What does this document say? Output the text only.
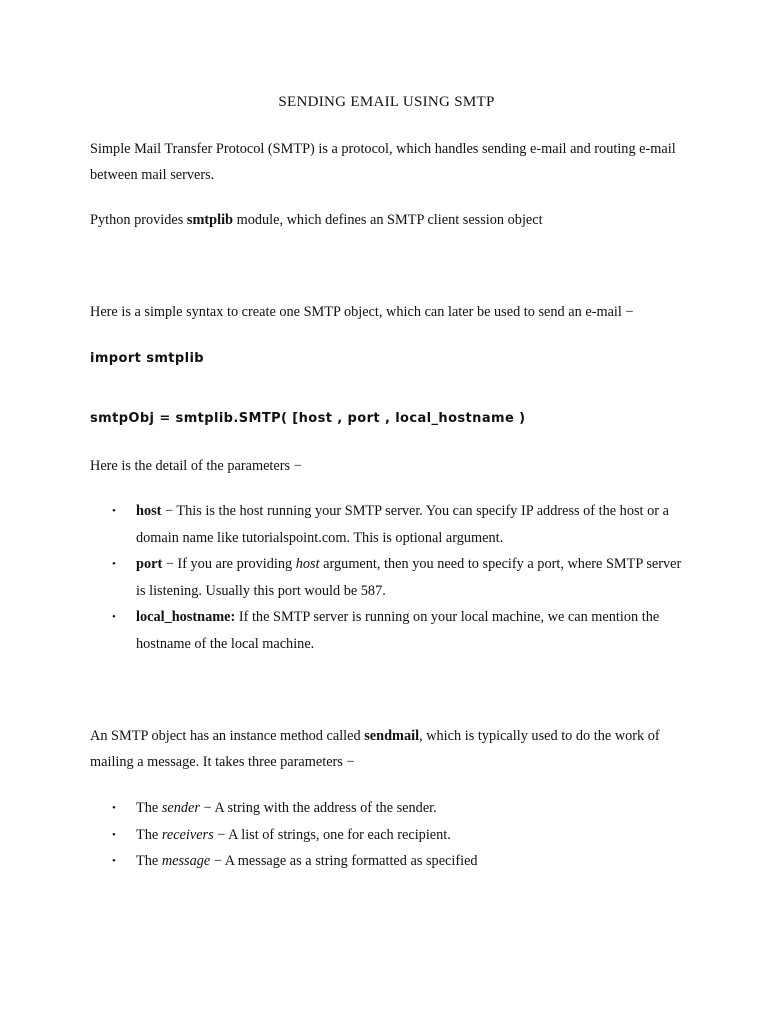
SENDING EMAIL USING SMTP
Simple Mail Transfer Protocol (SMTP) is a protocol, which handles sending e-mail and routing e-mail between mail servers.
Python provides smtplib module, which defines an SMTP client session object
Here is a simple syntax to create one SMTP object, which can later be used to send an e-mail −
import smtplib
smtpObj = smtplib.SMTP( [host , port , local_hostname )
Here is the detail of the parameters −
• host − This is the host running your SMTP server. You can specify IP address of the host or a domain name like tutorialspoint.com. This is optional argument.
• port − If you are providing host argument, then you need to specify a port, where SMTP server is listening. Usually this port would be 587.
• local_hostname: If the SMTP server is running on your local machine, we can mention the hostname of the local machine.
An SMTP object has an instance method called sendmail, which is typically used to do the work of mailing a message. It takes three parameters −
• The sender − A string with the address of the sender.
• The receivers − A list of strings, one for each recipient.
• The message − A message as a string formatted as specified
